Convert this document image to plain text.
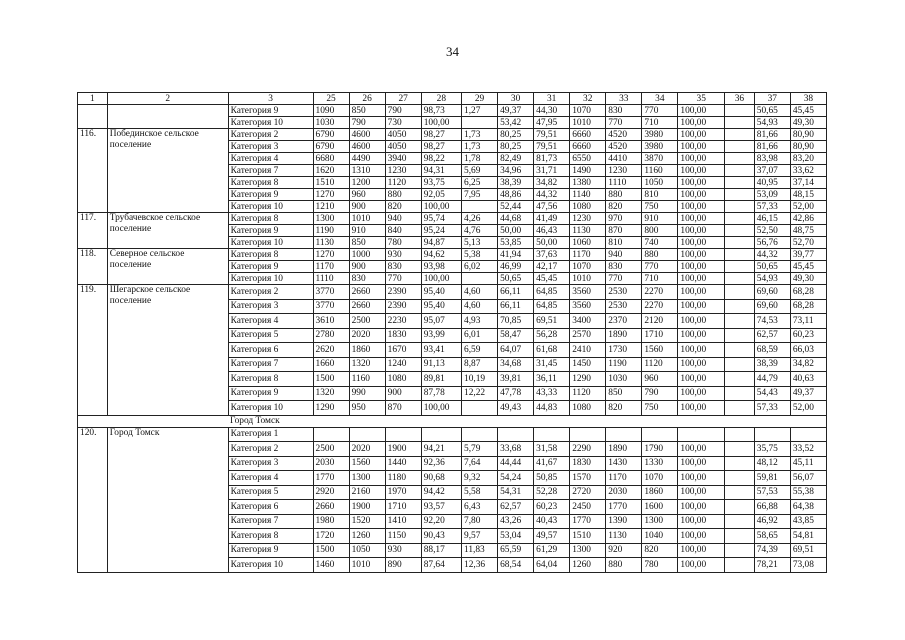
34
1	2	3	25	26	27	28	29	30	31	32	33	34	35	36	37	38
		Категория 9	1090	850	790	98,73	1,27	49,37	44,30	1070	830	770	100,00		50,65	45,45
		Категория 10	1030	790	730	100,00		53,42	47,95	1010	770	710	100,00		54,93	49,30
116.	Побединское сельское поселение	Категория 2	6790	4600	4050	98,27	1,73	80,25	79,51	6660	4520	3980	100,00		81,66	80,90
		Категория 3	6790	4600	4050	98,27	1,73	80,25	79,51	6660	4520	3980	100,00		81,66	80,90
		Категория 4	6680	4490	3940	98,22	1,78	82,49	81,73	6550	4410	3870	100,00		83,98	83,20
		Категория 7	1620	1310	1230	94,31	5,69	34,96	31,71	1490	1230	1160	100,00		37,07	33,62
		Категория 8	1510	1200	1120	93,75	6,25	38,39	34,82	1380	1110	1050	100,00		40,95	37,14
		Категория 9	1270	960	880	92,05	7,95	48,86	44,32	1140	880	810	100,00		53,09	48,15
		Категория 10	1210	900	820	100,00		52,44	47,56	1080	820	750	100,00		57,33	52,00
117.	Трубачевское сельское поселение	Категория 8	1300	1010	940	95,74	4,26	44,68	41,49	1230	970	910	100,00		46,15	42,86
		Категория 9	1190	910	840	95,24	4,76	50,00	46,43	1130	870	800	100,00		52,50	48,75
		Категория 10	1130	850	780	94,87	5,13	53,85	50,00	1060	810	740	100,00		56,76	52,70
118.	Северное сельское поселение	Категория 8	1270	1000	930	94,62	5,38	41,94	37,63	1170	940	880	100,00		44,32	39,77
		Категория 9	1170	900	830	93,98	6,02	46,99	42,17	1070	830	770	100,00		50,65	45,45
		Категория 10	1110	830	770	100,00		50,65	45,45	1010	770	710	100,00		54,93	49,30
119.	Шегарское сельское поселение	Категория 2	3770	2660	2390	95,40	4,60	66,11	64,85	3560	2530	2270	100,00		69,60	68,28
		Категория 3	3770	2660	2390	95,40	4,60	66,11	64,85	3560	2530	2270	100,00		69,60	68,28
		Категория 4	3610	2500	2230	95,07	4,93	70,85	69,51	3400	2370	2120	100,00		74,53	73,11
		Категория 5	2780	2020	1830	93,99	6,01	58,47	56,28	2570	1890	1710	100,00		62,57	60,23
		Категория 6	2620	1860	1670	93,41	6,59	64,07	61,68	2410	1730	1560	100,00		68,59	66,03
		Категория 7	1660	1320	1240	91,13	8,87	34,68	31,45	1450	1190	1120	100,00		38,39	34,82
		Категория 8	1500	1160	1080	89,81	10,19	39,81	36,11	1290	1030	960	100,00		44,79	40,63
		Категория 9	1320	990	900	87,78	12,22	47,78	43,33	1120	850	790	100,00		54,43	49,37
		Категория 10	1290	950	870	100,00		49,43	44,83	1080	820	750	100,00		57,33	52,00
Город Томск																
120.	Город Томск	Категория 1														
		Категория 2	2500	2020	1900	94,21	5,79	33,68	31,58	2290	1890	1790	100,00		35,75	33,52
		Категория 3	2030	1560	1440	92,36	7,64	44,44	41,67	1830	1430	1330	100,00		48,12	45,11
		Категория 4	1770	1300	1180	90,68	9,32	54,24	50,85	1570	1170	1070	100,00		59,81	56,07
		Категория 5	2920	2160	1970	94,42	5,58	54,31	52,28	2720	2030	1860	100,00		57,53	55,38
		Категория 6	2660	1900	1710	93,57	6,43	62,57	60,23	2450	1770	1600	100,00		66,88	64,38
		Категория 7	1980	1520	1410	92,20	7,80	43,26	40,43	1770	1390	1300	100,00		46,92	43,85
		Категория 8	1720	1260	1150	90,43	9,57	53,04	49,57	1510	1130	1040	100,00		58,65	54,81
		Категория 9	1500	1050	930	88,17	11,83	65,59	61,29	1300	920	820	100,00		74,39	69,51
		Категория 10	1460	1010	890	87,64	12,36	68,54	64,04	1260	880	780	100,00		78,21	73,08
